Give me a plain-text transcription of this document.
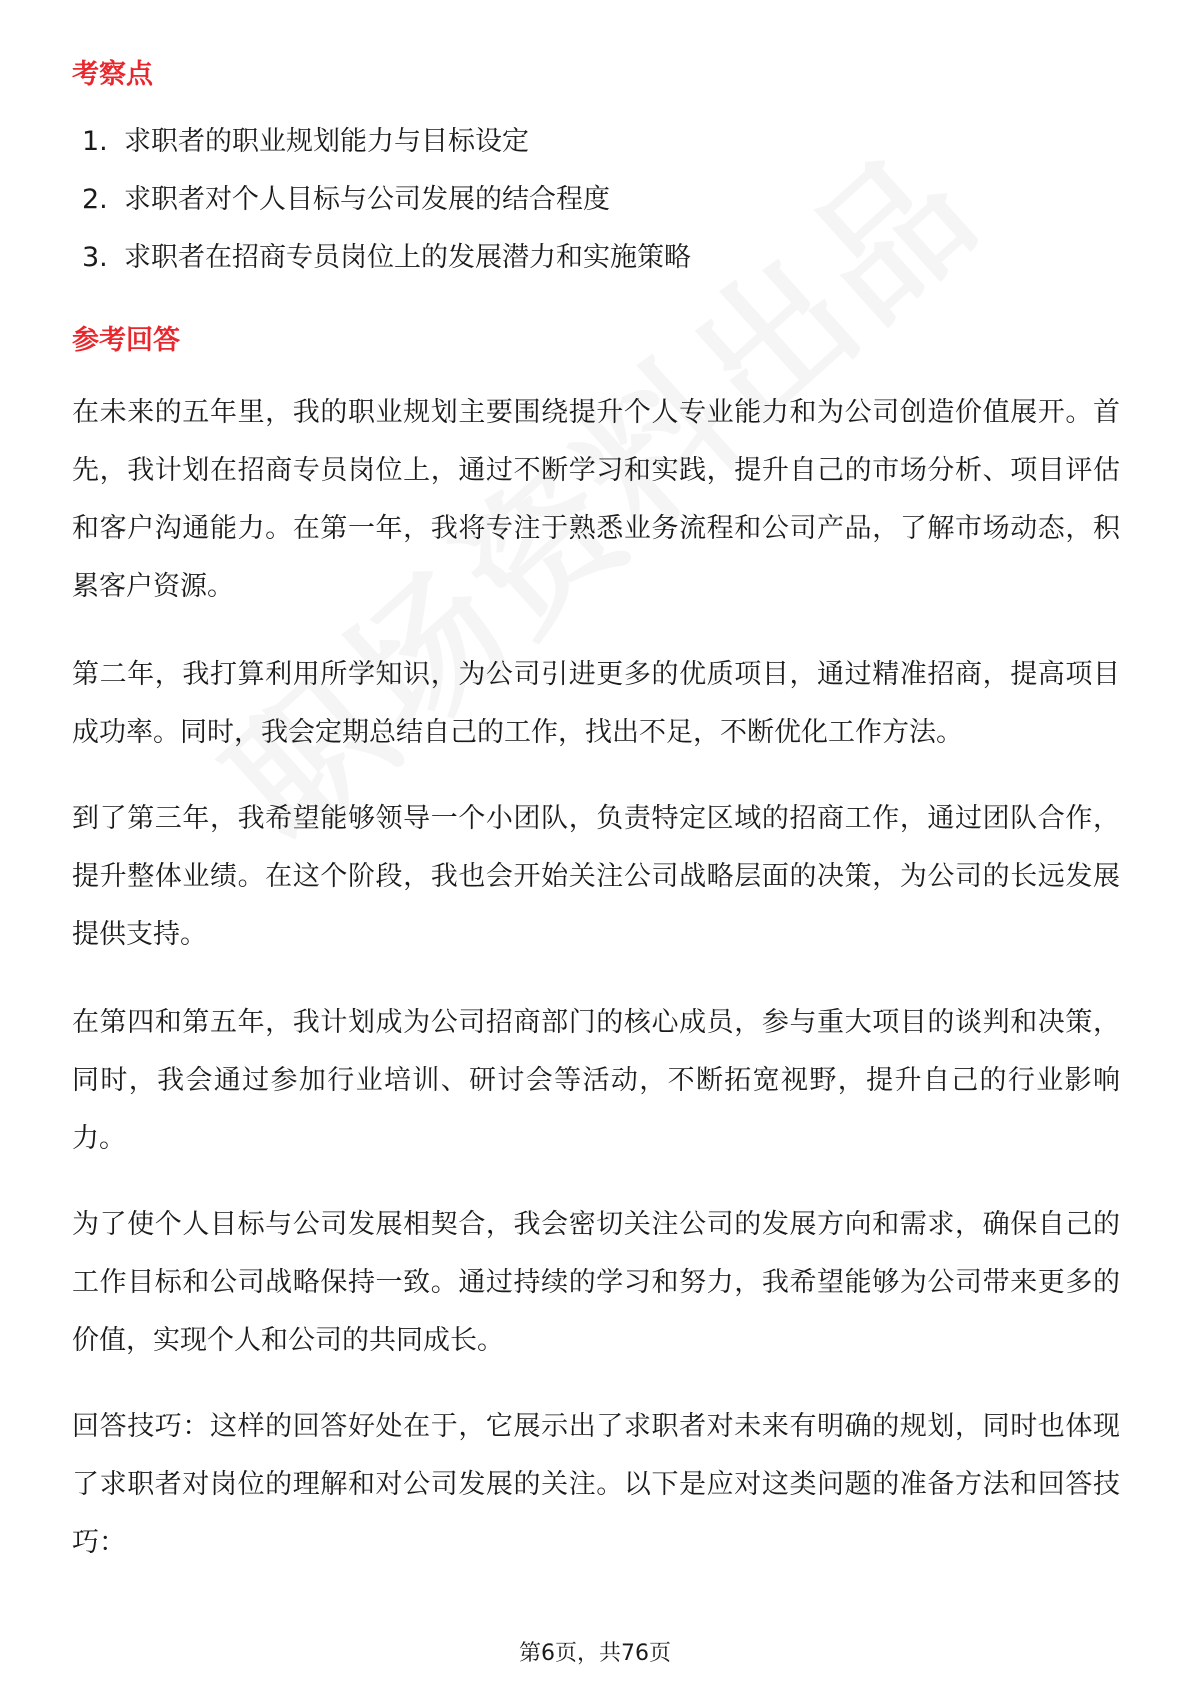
考察点
1. 求职者的职业规划能力与目标设定
2. 求职者对个人目标与公司发展的结合程度
3. 求职者在招商专员岗位上的发展潜力和实施策略
参考回答

在未来的五年里，我的职业规划主要围绕提升个人专业能力和为公司创造价值展开。首先，我计划在招商专员岗位上，通过不断学习和实践，提升自己的市场分析、项目评估和客户沟通能力。在第一年，我将专注于熟悉业务流程和公司产品，了解市场动态，积累客户资源。

第二年，我打算利用所学知识，为公司引进更多的优质项目，通过精准招商，提高项目成功率。同时，我会定期总结自己的工作，找出不足，不断优化工作方法。

到了第三年，我希望能够领导一个小团队，负责特定区域的招商工作，通过团队合作，提升整体业绩。在这个阶段，我也会开始关注公司战略层面的决策，为公司的长远发展提供支持。

在第四和第五年，我计划成为公司招商部门的核心成员，参与重大项目的谈判和决策，同时，我会通过参加行业培训、研讨会等活动，不断拓宽视野，提升自己的行业影响力。

为了使个人目标与公司发展相契合，我会密切关注公司的发展方向和需求，确保自己的工作目标和公司战略保持一致。通过持续的学习和努力，我希望能够为公司带来更多的价值，实现个人和公司的共同成长。

回答技巧：这样的回答好处在于，它展示出了求职者对未来有明确的规划，同时也体现了求职者对岗位的理解和对公司发展的关注。以下是应对这类问题的准备方法和回答技巧：

第6页，共76页
